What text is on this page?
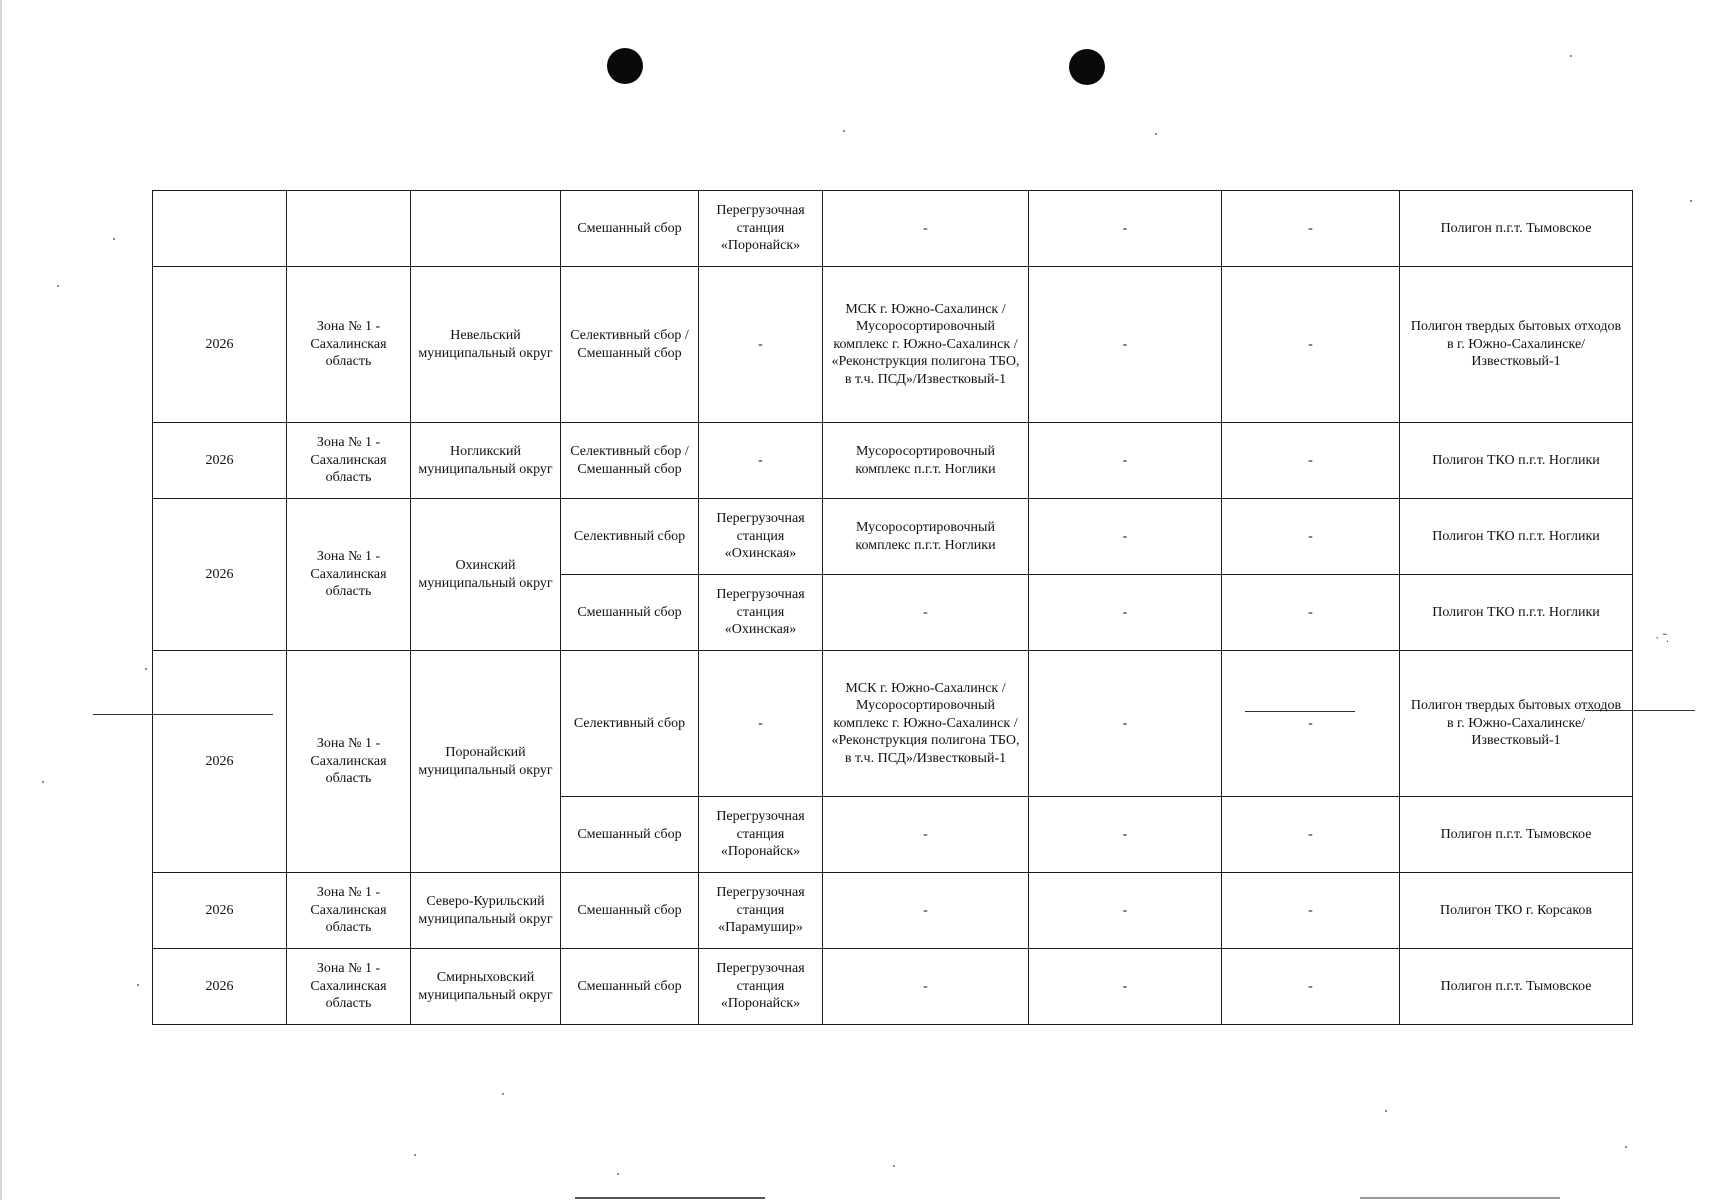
· ̃̃ .
			Смешанный сбор	Перегрузочная станция «Поронайск»	-	-	-	Полигон п.г.т. Тымовское
2026	Зона № 1 - Сахалинская область	Невельский муниципальный округ	Селективный сбор / Смешанный сбор	-	МСК г. Южно-Сахалинск / Мусоросортировочный комплекс г. Южно-Сахалинск / «Реконструкция полигона ТБО, в т.ч. ПСД»/Известковый-1	-	-	Полигон твердых бытовых отходов в г. Южно-Сахалинске/Известковый-1
2026	Зона № 1 - Сахалинская область	Ногликский муниципальный округ	Селективный сбор / Смешанный сбор	-	Мусоросортировочный комплекс п.г.т. Ноглики	-	-	Полигон ТКО п.г.т. Ноглики
2026	Зона № 1 - Сахалинская область	Охинский муниципальный округ	Селективный сбор	Перегрузочная станция «Охинская»	Мусоросортировочный комплекс п.г.т. Ноглики	-	-	Полигон ТКО п.г.т. Ноглики
			Смешанный сбор	Перегрузочная станция «Охинская»	-	-	-	Полигон ТКО п.г.т. Ноглики
2026	Зона № 1 - Сахалинская область	Поронайский муниципальный округ	Селективный сбор	-	МСК г. Южно-Сахалинск / Мусоросортировочный комплекс г. Южно-Сахалинск / «Реконструкция полигона ТБО, в т.ч. ПСД»/Известковый-1	-	-	Полигон твердых бытовых отходов в г. Южно-Сахалинске/Известковый-1
			Смешанный сбор	Перегрузочная станция «Поронайск»	-	-	-	Полигон п.г.т. Тымовское
2026	Зона № 1 - Сахалинская область	Северо-Курильский муниципальный округ	Смешанный сбор	Перегрузочная станция «Парамушир»	-	-	-	Полигон ТКО г. Корсаков
2026	Зона № 1 - Сахалинская область	Смирныховский муниципальный округ	Смешанный сбор	Перегрузочная станция «Поронайск»	-	-	-	Полигон п.г.т. Тымовское
